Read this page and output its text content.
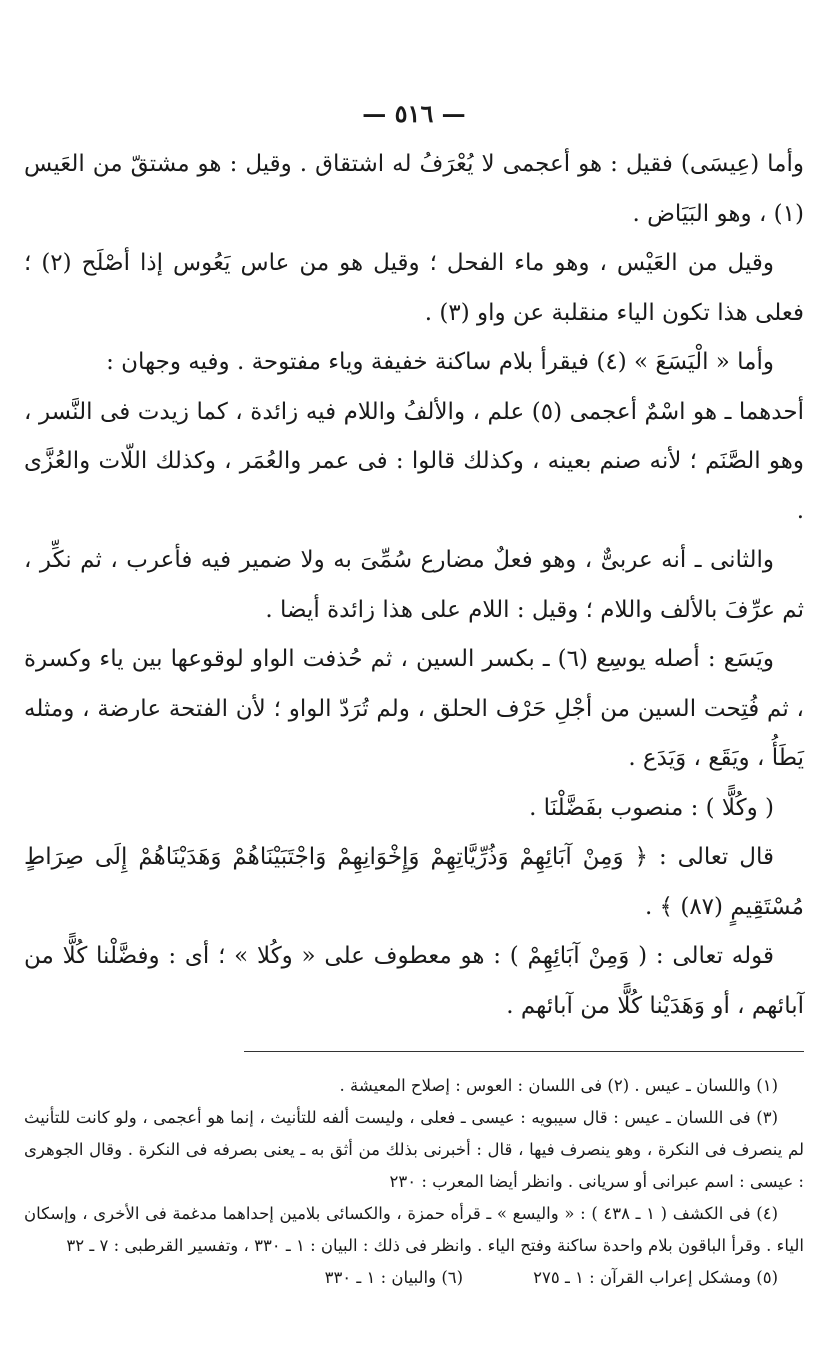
— ٥١٦ —

وأما (عِيسَى) فقيل : هو أعجمى لا يُعْرَفُ له اشتقاق . وقيل : هو مشتقّ من العَيس (١) ، وهو البَيَاض .

وقيل من العَيْس ، وهو ماء الفحل ؛ وقيل هو من عاس يَعُوس إذا أصْلَح (٢) ؛ فعلى هذا تكون الياء منقلبة عن واو (٣) .

وأما « الْيَسَعَ » (٤) فيقرأ بلام ساكنة خفيفة وياء مفتوحة . وفيه وجهان :

أحدهما ـ هو اسْمٌ أعجمى (٥) علم ، والألفُ واللام فيه زائدة ، كما زيدت فى النَّسر ، وهو الصَّنَم ؛ لأنه صنم بعينه ، وكذلك قالوا : فى عمر والعُمَر ، وكذلك اللّات والعُزَّى .

والثانى ـ أنه عربىٌّ ، وهو فعلٌ مضارع سُمِّىَ به ولا ضمير فيه فأعرب ، ثم نكِّر ، ثم عرِّفَ بالألف واللام ؛ وقيل : اللام على هذا زائدة أيضا .

ويَسَع : أصله يوسِع (٦) ـ بكسر السين ، ثم حُذفت الواو لوقوعها بين ياء وكسرة ، ثم فُتِحت السين من أجْلِ حَرْف الحلق ، ولم تُرَدّ الواو ؛ لأن الفتحة عارضة ، ومثله يَطَأُ ، ويَقَع ، وَيَدَع .

( وكُلًّا ) : منصوب بفَضَّلْنَا .

قال تعالى : ﴿ وَمِنْ آبَائِهِمْ وَذُرِّيَّاتِهِمْ وَإِخْوَانِهِمْ وَاجْتَبَيْنَاهُمْ وَهَدَيْنَاهُمْ إِلَى صِرَاطٍ مُسْتَقِيمٍ (٨٧) ﴾ .

قوله تعالى : ( وَمِنْ آبَائِهِمْ ) : هو معطوف على « وكُلا » ؛ أى : وفضَّلْنا كُلًّا من آبائهم ، أو وَهَدَيْنا كُلًّا من آبائهم .

(١) واللسان ـ عيس . (٢) فى اللسان : العوس : إصلاح المعيشة .

(٣) فى اللسان ـ عيس : قال سيبويه : عيسى ـ فعلى ، وليست ألفه للتأنيث ، إنما هو أعجمى ، ولو كانت للتأنيث لم ينصرف فى النكرة ، وهو ينصرف فيها ، قال : أخبرنى بذلك من أثق به ـ يعنى بصرفه فى النكرة . وقال الجوهرى : عيسى : اسم عبرانى أو سريانى . وانظر أيضا المعرب : ٢٣٠

(٤) فى الكشف ( ١ ـ ٤٣٨ ) : « واليسع » ـ قرأه حمزة ، والكسائى بلامين إحداهما مدغمة فى الأخرى ، وإسكان الياء . وقرأ الباقون بلام واحدة ساكنة وفتح الياء . وانظر فى ذلك : البيان : ١ ـ ٣٣٠ ، وتفسير القرطبى : ٧ ـ ٣٢

(٥) ومشكل إعراب القرآن : ١ ـ ٢٧٥
(٦) والبيان : ١ ـ ٣٣٠
